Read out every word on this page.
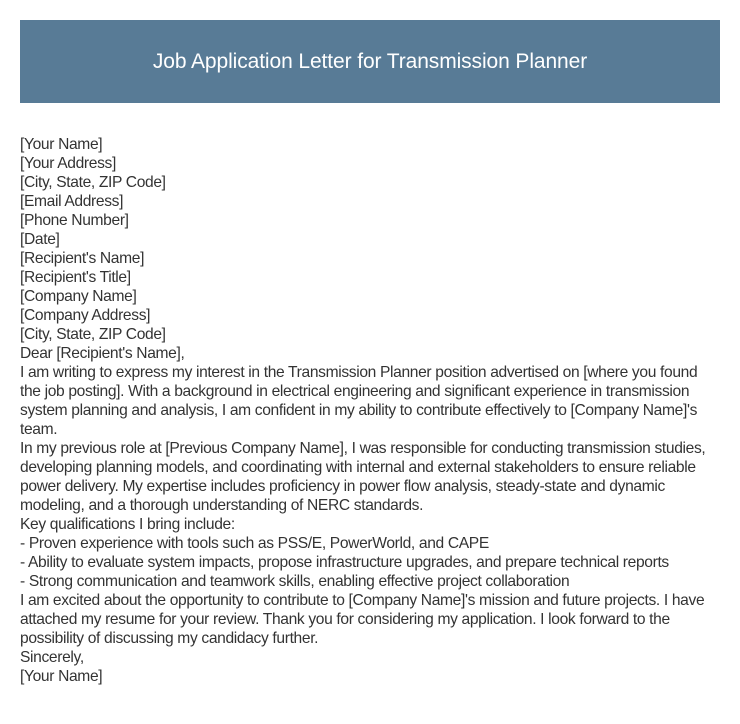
Job Application Letter for Transmission Planner
[Your Name]
[Your Address]
[City, State, ZIP Code]
[Email Address]
[Phone Number]
[Date]
[Recipient's Name]
[Recipient's Title]
[Company Name]
[Company Address]
[City, State, ZIP Code]
Dear [Recipient's Name],

I am writing to express my interest in the Transmission Planner position advertised on [where you found the job posting]. With a background in electrical engineering and significant experience in transmission system planning and analysis, I am confident in my ability to contribute effectively to [Company Name]'s team.

In my previous role at [Previous Company Name], I was responsible for conducting transmission studies, developing planning models, and coordinating with internal and external stakeholders to ensure reliable power delivery. My expertise includes proficiency in power flow analysis, steady-state and dynamic modeling, and a thorough understanding of NERC standards.

Key qualifications I bring include:
- Proven experience with tools such as PSS/E, PowerWorld, and CAPE
- Ability to evaluate system impacts, propose infrastructure upgrades, and prepare technical reports
- Strong communication and teamwork skills, enabling effective project collaboration

I am excited about the opportunity to contribute to [Company Name]'s mission and future projects. I have attached my resume for your review. Thank you for considering my application. I look forward to the possibility of discussing my candidacy further.

Sincerely,
[Your Name]
